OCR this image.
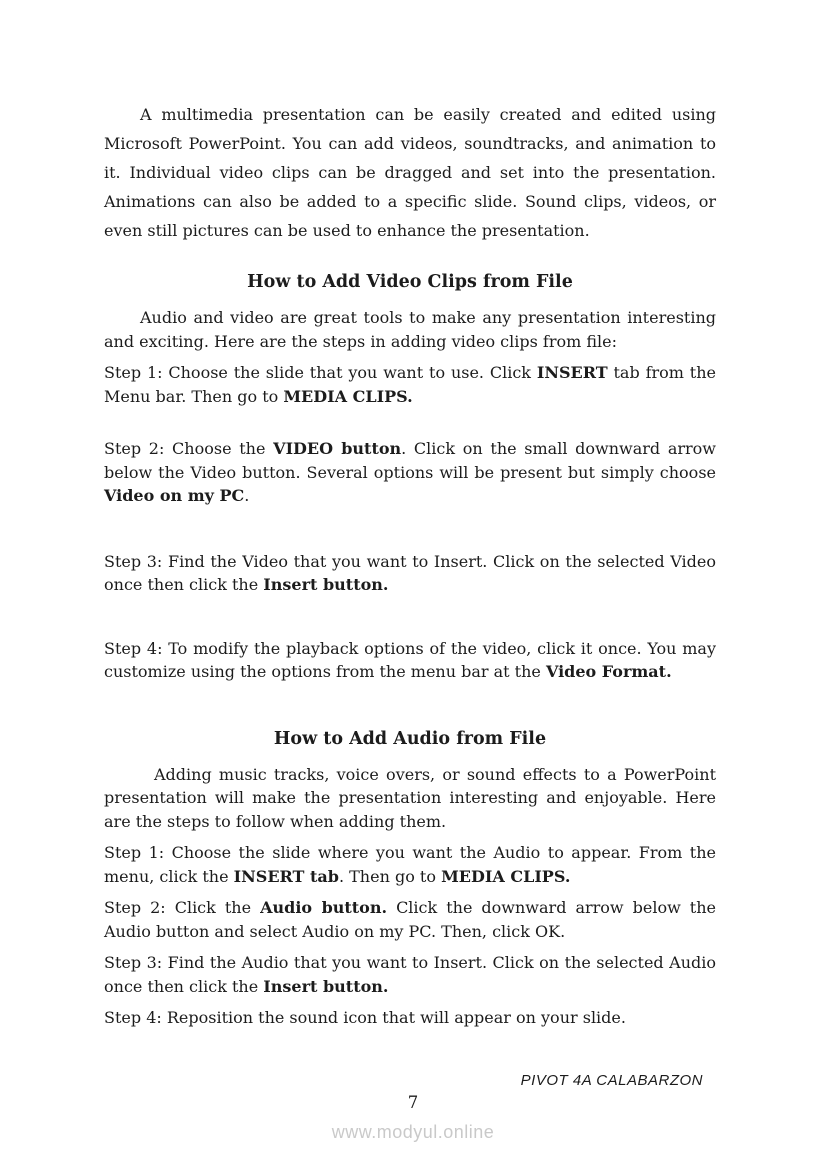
A multimedia presentation can be easily created and edited using Microsoft PowerPoint. You can add videos, soundtracks, and animation to it. Individual video clips can be dragged and set into the presentation. Animations can also be added to a specific slide. Sound clips, videos, or even still pictures can be used to enhance the presentation.

How to Add Video Clips from File

Audio and video are great tools to make any presentation interesting and exciting. Here are the steps in adding video clips from file:

Step 1: Choose the slide that you want to use. Click INSERT tab from the Menu bar. Then go to MEDIA CLIPS.

Step 2: Choose the VIDEO button. Click on the small downward arrow below the Video button. Several options will be present but simply choose Video on my PC.

Step 3: Find the Video that you want to Insert. Click on the selected Video once then click the Insert button.

Step 4: To modify the playback options of the video, click it once. You may customize using the options from the menu bar at the Video Format.

How to Add Audio from File

Adding music tracks, voice overs, or sound effects to a PowerPoint presentation will make the presentation interesting and enjoyable. Here are the steps to follow when adding them.

Step 1: Choose the slide where you want the Audio to appear. From the menu, click the INSERT tab. Then go to MEDIA CLIPS.

Step 2: Click the Audio button. Click the downward arrow below the Audio button and select Audio on my PC. Then, click OK.

Step 3: Find the Audio that you want to Insert. Click on the selected Audio once then click the Insert button.

Step 4: Reposition the sound icon that will appear on your slide.

PIVOT 4A CALABARZON
7
www.modyul.online
